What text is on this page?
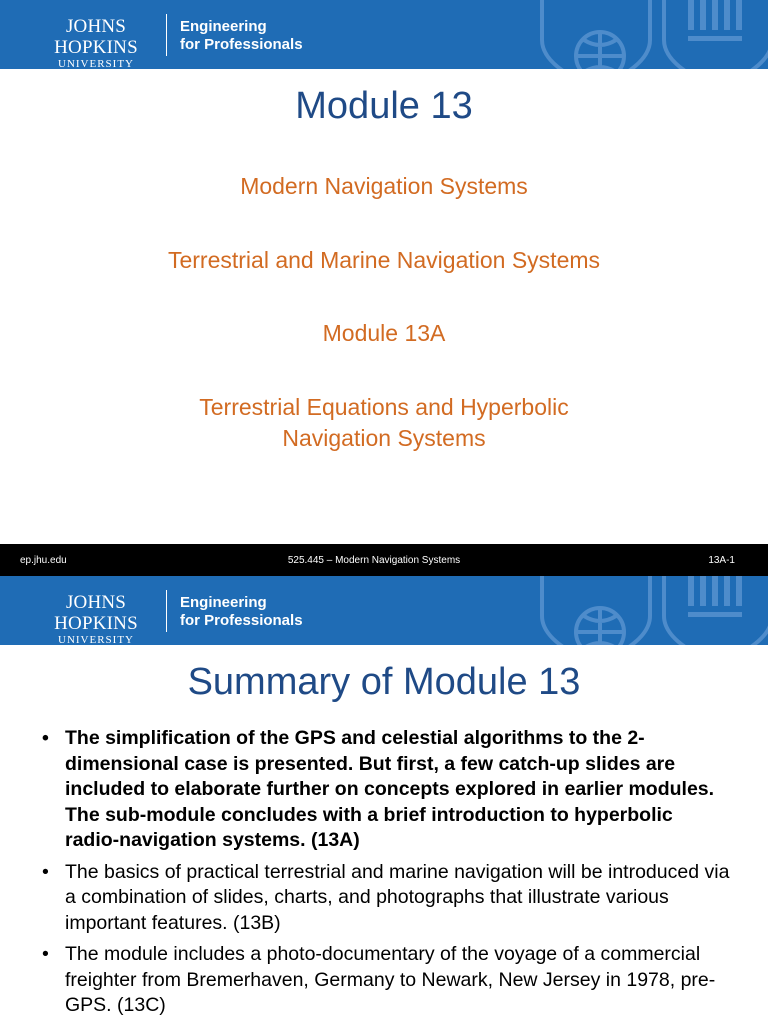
JOHNS HOPKINS
UNIVERSITY
Engineering
for Professionals
Module 13
Modern Navigation Systems
Terrestrial and Marine Navigation Systems
Module 13A
Terrestrial Equations and Hyperbolic
Navigation Systems
ep.jhu.edu	525.445 – Modern Navigation Systems	13A-1
JOHNS HOPKINS
UNIVERSITY
Engineering
for Professionals
Summary of Module 13
• The simplification of the GPS and celestial algorithms to the 2-dimensional case is presented. But first, a few catch-up slides are included to elaborate further on concepts explored in earlier modules. The sub-module concludes with a brief introduction to hyperbolic radio-navigation systems. (13A)
• The basics of practical terrestrial and marine navigation will be introduced via a combination of slides, charts, and photographs that illustrate various important features. (13B)
• The module includes a photo-documentary of the voyage of a commercial freighter from Bremerhaven, Germany to Newark, New Jersey in 1978, pre-GPS. (13C)
